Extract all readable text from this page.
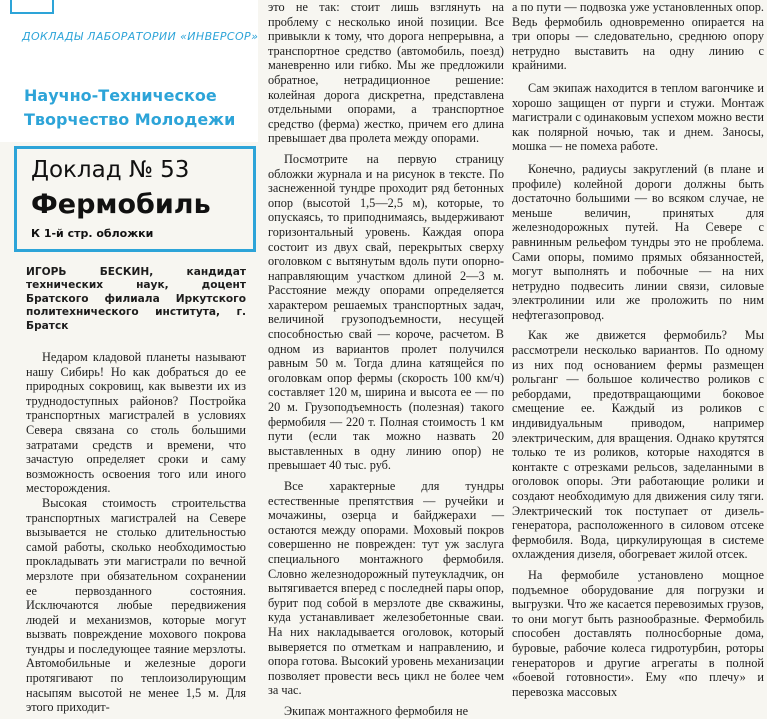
ДОКЛАДЫ ЛАБОРАТОРИИ «ИНВЕРСОР»
Научно-Техническое
Творчество Молодежи
Доклад № 53
Фермобиль
К 1-й стр. обложки

ИГОРЬ БЕСКИН, кандидат технических наук, доцент Братского филиала Иркутского политехнического института, г. Братск

Недаром кладовой планеты называют нашу Сибирь! Но как добраться до ее природных сокровищ, как вывезти их из труднодоступных районов? Постройка транспортных магистралей в условиях Севера связана со столь большими затратами средств и времени, что зачастую определяет сроки и саму возможность освоения того или иного месторождения.

Высокая стоимость строительства транспортных магистралей на Севере вызывается не столько длительностью самой работы, сколько необходимостью прокладывать эти магистрали по вечной мерзлоте при обязательном сохранении ее первозданного состояния. Исключаются любые передвижения людей и механизмов, которые могут вызвать повреждение мохового покрова тундры и последующее таяние мерзлоты. Автомобильные и железные дороги протягивают по теплоизолирующим насыпям высотой не менее 1,5 м. Для этого приходит-

это не так: стоит лишь взглянуть на проблему с несколько иной позиции. Все привыкли к тому, что дорога непрерывна, а транспортное средство (автомобиль, поезд) маневренно или гибко. Мы же предложили обратное, нетрадиционное решение: колейная дорога дискретна, представлена отдельными опорами, а транспортное средство (ферма) жестко, причем его длина превышает два пролета между опорами.

Посмотрите на первую страницу обложки журнала и на рисунок в тексте. По заснеженной тундре проходит ряд бетонных опор (высотой 1,5—2,5 м), которые, то опускаясь, то приподнимаясь, выдерживают горизонтальный уровень. Каждая опора состоит из двух свай, перекрытых сверху оголовком с вытянутым вдоль пути опорно-направляющим участком длиной 2—3 м. Расстояние между опорами определяется характером решаемых транспортных задач, величиной грузоподъемности, несущей способностью свай — короче, расчетом. В одном из вариантов пролет получился равным 50 м. Тогда длина катящейся по оголовкам опор фермы (скорость 100 км/ч) составляет 120 м, ширина и высота ее — по 20 м. Грузоподъемность (полезная) такого фермобиля — 220 т. Полная стоимость 1 км пути (если так можно назвать 20 выставленных в одну линию опор) не превышает 40 тыс. руб.

Все характерные для тундры естественные препятствия — ручейки и мочажины, озерца и байджерахи — остаются между опорами. Моховый покров совершенно не поврежден: тут уж заслуга специального монтажного фермобиля. Словно железнодорожный путеукладчик, он вытягивается вперед с последней пары опор, бурит под собой в мерзлоте две скважины, куда устанавливает железобетонные сваи. На них накладывается оголовок, который выверяется по отметкам и направлению, и опора готова. Высокий уровень механизации позволяет провести весь цикл не более чем за час.

Экипаж монтажного фермобиля не

а по пути — подвозка уже установленных опор. Ведь фермобиль одновременно опирается на три опоры — следовательно, среднюю опору нетрудно выставить на одну линию с крайними.

Сам экипаж находится в теплом вагончике и хорошо защищен от пурги и стужи. Монтаж магистрали с одинаковым успехом можно вести как полярной ночью, так и днем. Заносы, мошка — не помеха работе.

Конечно, радиусы закруглений (в плане и профиле) колейной дороги должны быть достаточно большими — во всяком случае, не меньше величин, принятых для железнодорожных путей. На Севере с равнинным рельефом тундры это не проблема. Сами опоры, помимо прямых обязанностей, могут выполнять и побочные — на них нетрудно подвесить линии связи, силовые электролинии или же проложить по ним нефтегазопровод.

Как же движется фермобиль? Мы рассмотрели несколько вариантов. По одному из них под основанием фермы размещен рольганг — большое количество роликов с ребордами, предотвращающими боковое смещение ее. Каждый из роликов с индивидуальным приводом, например электрическим, для вращения. Однако крутятся только те из роликов, которые находятся в контакте с отрезками рельсов, заделанными в оголовок опоры. Эти работающие ролики и создают необходимую для движения силу тяги. Электрический ток поступает от дизель-генератора, расположенного в силовом отсеке фермобиля. Вода, циркулирующая в системе охлаждения дизеля, обогревает жилой отсек.

На фермобиле установлено мощное подъемное оборудование для погрузки и выгрузки. Что же касается перевозимых грузов, то они могут быть разнообразные. Фермобиль способен доставлять полносборные дома, буровые, рабочие колеса гидротурбин, роторы генераторов и другие агрегаты в полной «боевой готовности». Ему «по плечу» и перевозка массовых
